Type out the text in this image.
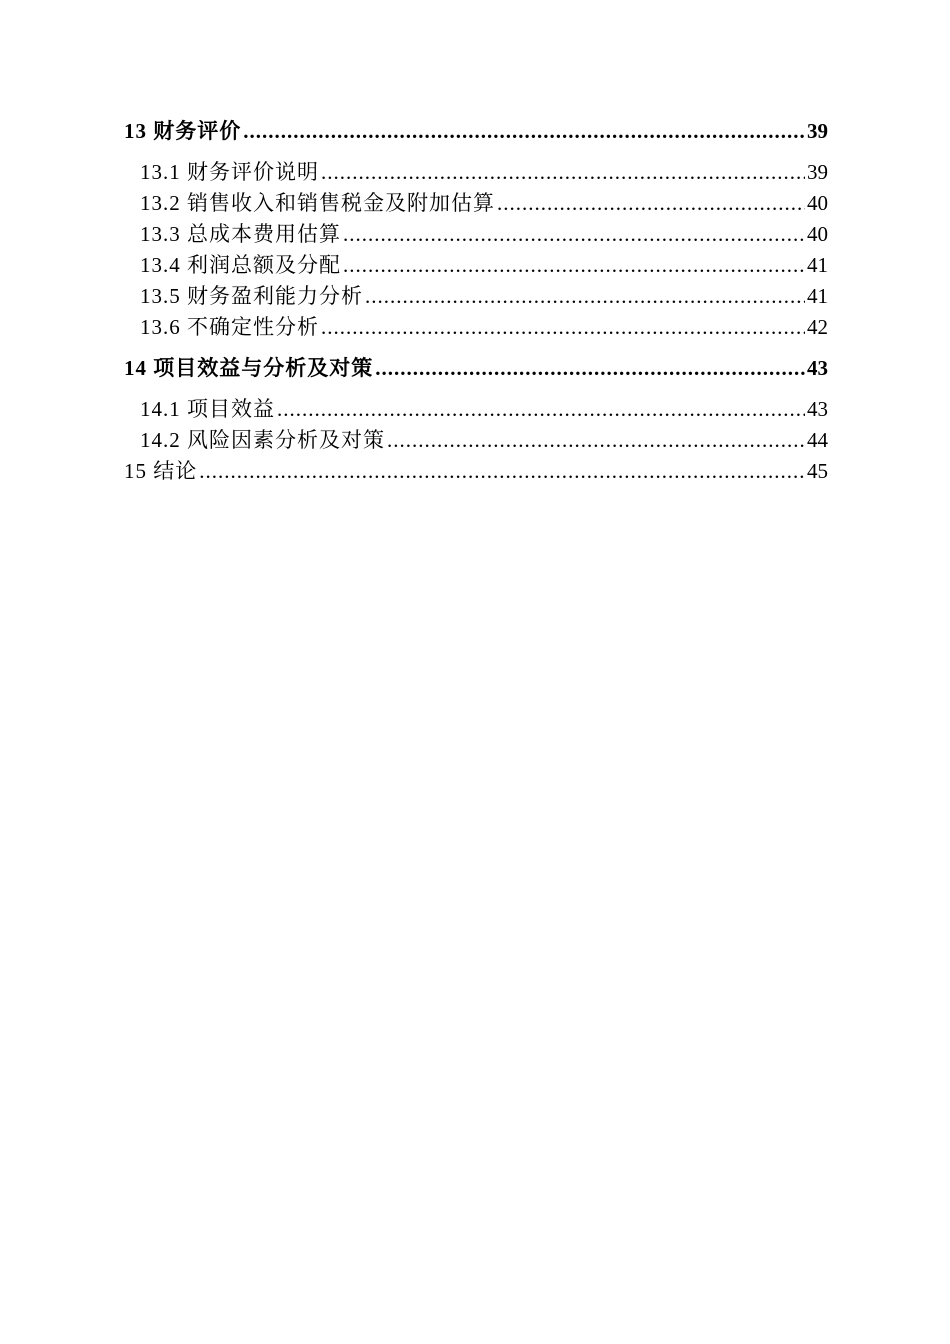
13 财务评价 .....	39
13.1 财务评价说明 .....	39
13.2 销售收入和销售税金及附加估算 .....	40
13.3 总成本费用估算 .....	40
13.4 利润总额及分配 .....	41
13.5 财务盈利能力分析 .....	41
13.6 不确定性分析 .....	42
14 项目效益与分析及对策 .....	43
14.1 项目效益 .....	43
14.2 风险因素分析及对策 .....	44
15 结论 .....	45
